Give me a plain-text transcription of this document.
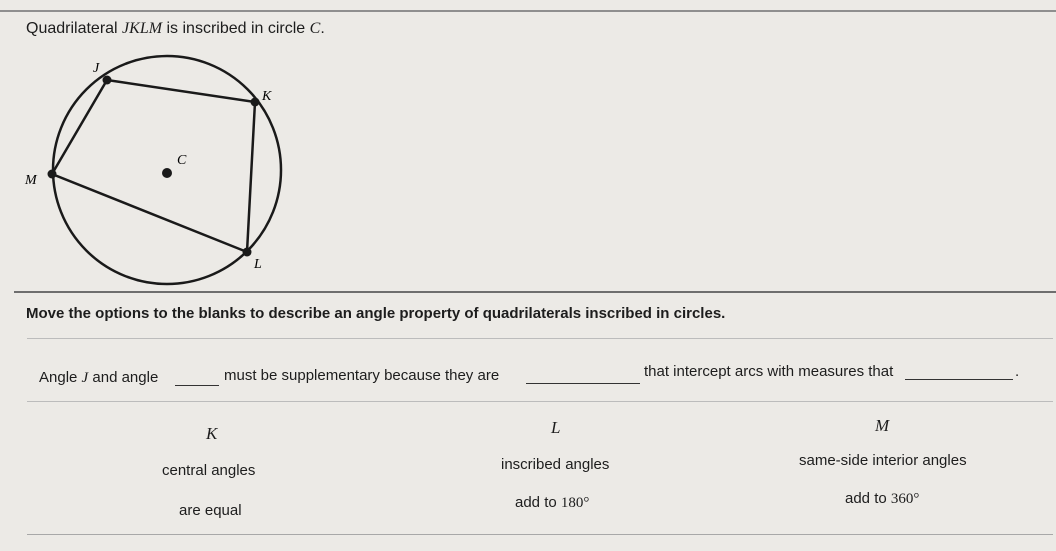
Quadrilateral JKLM is inscribed in circle C.
J
K
L
M
C
Move the options to the blanks to describe an angle property of quadrilaterals inscribed in circles.
Angle J and angle	must be supplementary because they are	that intercept arcs with measures that	.
K	L	M
central angles	inscribed angles	same-side interior angles
are equal	add to 180°	add to 360°
